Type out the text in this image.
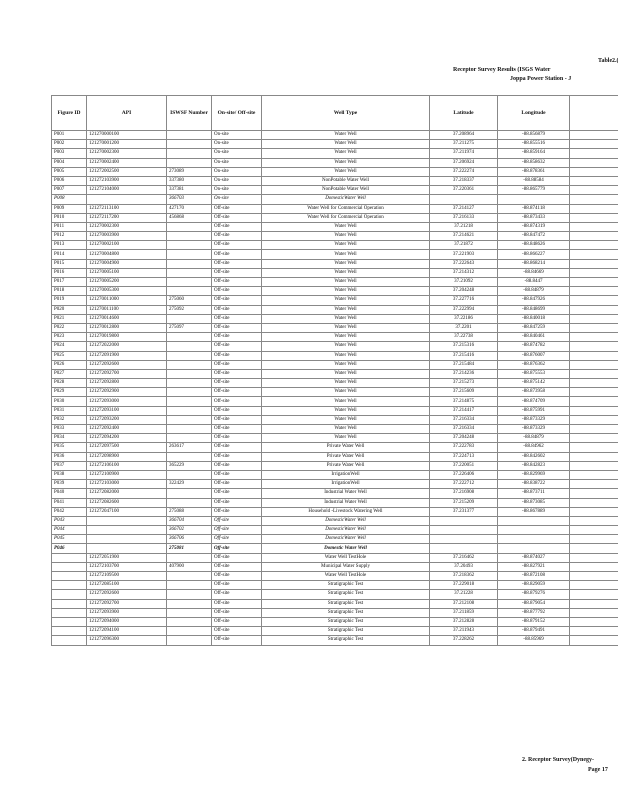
Table 2.(
Receptor Survey Results (ISGS Water
Joppa Power Station - J
Figure ID	API	ISWSF Number	On-site/ Off-site	Well Type	Latitude	Longitude	
P001	121270000100		On-site	Water Well	37.208964	-88.856879	
P002	121270001200		On-site	Water Well	37.211275	-88.855516	
P003	121270002300		On-site	Water Well	37.211974	-88.859164	
P004	121270002400		On-site	Water Well	37.206924	-88.858632	
P005	121272002500	273089	On-site	Water Well	37.222274	-88.878361	
P006	121272103900	337380	On-site	NonPotable Water Well	37.218337	-88.88584	
P007	121272104000	337381	On-site	NonPotable Water Well	37.220361	-88.865779	
P008		366703	On-site	DomesticWater Well			
P009	121272113100	427170	Off-site	Water Well for Commercial Operation	37.214127	-88.874118	
P010	121272117200	456868	Off-site	Water Well for Commercial Operation	37.216133	-88.873433	
P011	121270002300		Off-site	Water Well	37.21218	-88.874319	
P012	121270003900		Off-site	Water Well	37.214621	-88.847472	
P013	121270002100		Off-site	Water Well	37.21872	-88.848626	
P014	121270004800		Off-site	Water Well	37.221903	-88.866227	
P015	121270004900		Off-site	Water Well	37.222643	-88.868214	
P016	121270005100		Off-site	Water Well	37.214312	-88.84669	
P017	121270005200		Off-site	Water Well	37.21092	-88.8447	
P018	121270005300		Off-site	Water Well	37.204248	-88.84879	
P019	121270011000	275060	Off-site	Water Well	37.227716	-88.847926	
P020	121270011100	275092	Off-site	Water Well	37.222994	-88.848699	
P021	121270014600		Off-site	Water Well	37.22186	-88.840018	
P022	121270012800	275097	Off-site	Water Well	37.2201	-88.847259	
P023	121270019800		Off-site	Water Well	37.22738	-88.840461	
P024	121272022000		Off-site	Water Well	37.215316	-88.874782	
P025	121272091900		Off-site	Water Well	37.215416	-88.876007	
P026	121272092600		Off-site	Water Well	37.215484	-88.876362	
P027	121272092700		Off-site	Water Well	37.214236	-88.875553	
P028	121272092800		Off-site	Water Well	37.215273	-88.875142	
P029	121272092900		Off-site	Water Well	37.215609	-88.873958	
P030	121272093000		Off-site	Water Well	37.214875	-88.874709	
P031	121272093100		Off-site	Water Well	37.214417	-88.875991	
P032	121272093200		Off-site	Water Well	37.216334	-88.873329	
P033	121272092400		Off-site	Water Well	37.216334	-88.873329	
P034	121272094200		Off-site	Water Well	37.204248	-88.84879	
P035	121272097500	263617	Off-site	Private Water Well	37.222783	-88.84962	
P036	121272098900		Off-site	Private Water Well	37.224713	-88.842602	
P037	121272106100	365229	Off-site	Private Water Well	37.220051	-88.842823	
P038	121272100900		Off-site	IrrigationWell	37.226406	-88.829969	
P039	121272103000	322429	Off-site	IrrigationWell	37.222712	-88.838722	
P040	121272082000		Off-site	Industrial Water Well	37.216908	-88.873711	
P041	121272082600		Off-site	Industrial Water Well	37.215209	-88.873085	
P042	121272047100	275088	Off-site	Household -Livestock Watering Well	37.231377	-88.867889	
P043		366704	Off-site	DomesticWater Well			
P044		366702	Off-site	DomesticWater Well			
P045		366706	Off-site	DomesticWater Well			
P046		275081	Off-site	Domestic Water Well			
	121272051900		Off-site	Water Well TestHole	37.216462	-88.874027	
	121272103700	407900	Off-site	Municipal Water Supply	37.20493	-88.827921	
	121272109500		Off-site	Water Well TestHole	37.218362	-88.872108	
	121272085100		Off-site	Stratigraphic Test	37.229018	-88.829059	
	121272092600		Off-site	Stratigraphic Test	37.21228	-88.879276	
	121272092700		Off-site	Stratigraphic Test	37.212108	-88.879054	
	121272093900		Off-site	Stratigraphic Test	37.211859	-88.877792	
	121272094000		Off-site	Stratigraphic Test	37.212828	-88.879152	
	121272094100		Off-site	Stratigraphic Test	37.211943	-88.879491	
	121272096300		Off-site	Stratigraphic Test	37.228262	-88.85969	
2. Receptor Survey(Dynegy-
Page 17
